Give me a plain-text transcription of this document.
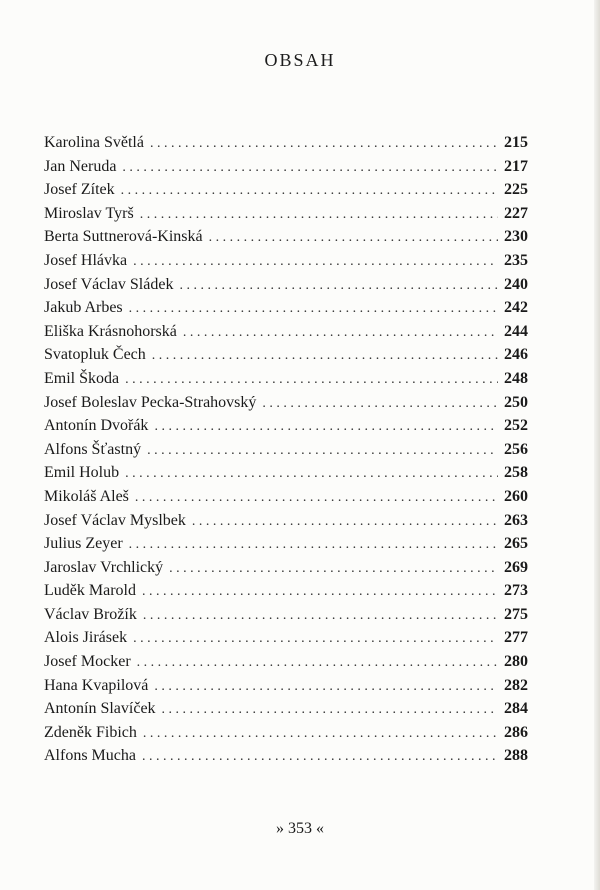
OBSAH
Karolina Světlá . . .	215
Jan Neruda . . .	217
Josef Zítek . . .	225
Miroslav Tyrš . . .	227
Berta Suttnerová-Kinská . . .	230
Josef Hlávka . . .	235
Josef Václav Sládek . . .	240
Jakub Arbes . . .	242
Eliška Krásnohorská . . .	244
Svatopluk Čech . . .	246
Emil Škoda . . .	248
Josef Boleslav Pecka-Strahovský . . .	250
Antonín Dvořák . . .	252
Alfons Šťastný . . .	256
Emil Holub . . .	258
Mikoláš Aleš . . .	260
Josef Václav Myslbek . . .	263
Julius Zeyer . . .	265
Jaroslav Vrchlický . . .	269
Luděk Marold . . .	273
Václav Brožík . . .	275
Alois Jirásek . . .	277
Josef Mocker . . .	280
Hana Kvapilová . . .	282
Antonín Slavíček . . .	284
Zdeněk Fibich . . .	286
Alfons Mucha . . .	288
» 353 «
